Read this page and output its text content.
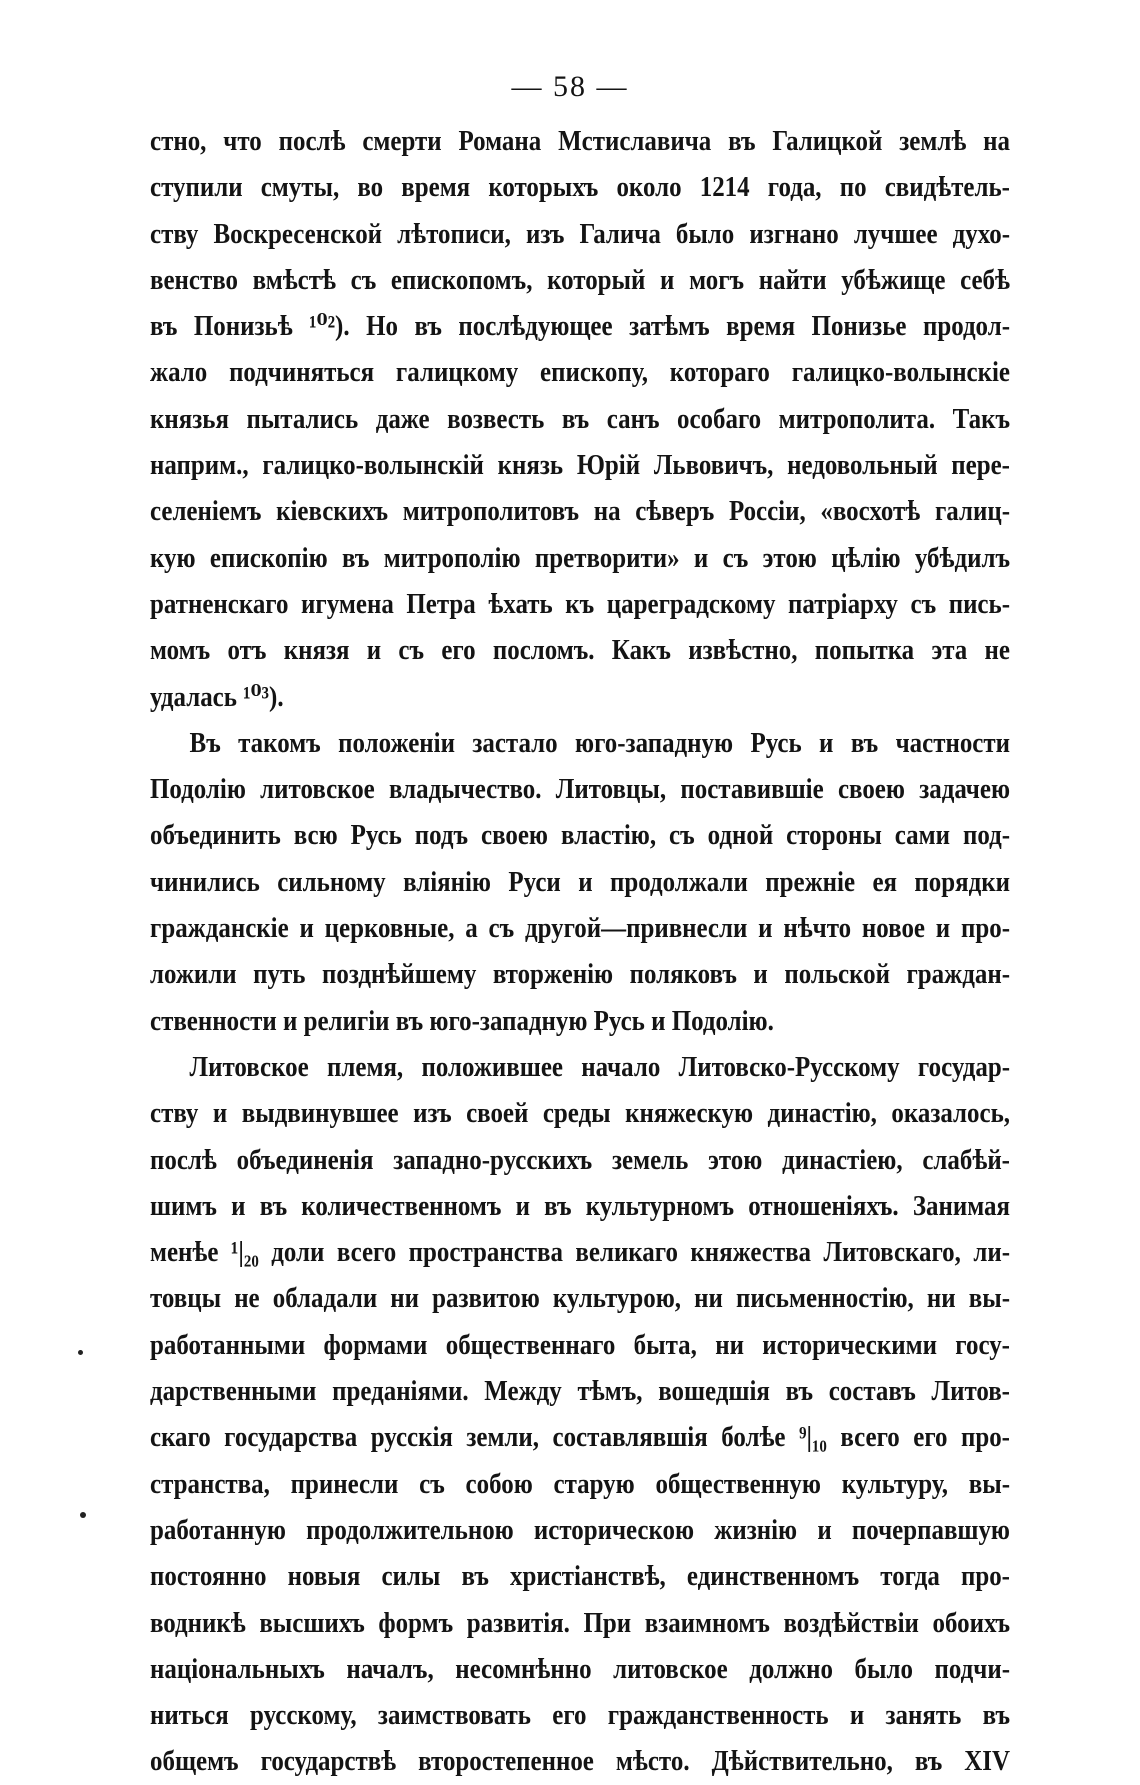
— 58 —
стно, что послѣ смерти Романа Мстиславича въ Галицкой землѣ на
ступили смуты, во время которыхъ около 1214 года, по свидѣтель-
ству Воскресенской лѣтописи, изъ Галича было изгнано лучшее духо-
венство вмѣстѣ съ епископомъ, который и могъ найти убѣжище себѣ
въ Понизьѣ ¹⁰²). Но въ послѣдующее затѣмъ время Понизье продол-
жало подчиняться галицкому епископу, котораго галицко-волынскіе
князья пытались даже возвесть въ санъ особаго митрополита. Такъ
наприм., галицко-волынскій князь Юрій Львовичъ, недовольный пере-
селеніемъ кіевскихъ митрополитовъ на сѣверъ Россіи, «восхотѣ галиц-
кую епископію въ митрополію претворити» и съ этою цѣлію убѣдилъ
ратненскаго игумена Петра ѣхать къ цареградскому патріарху съ пись-
момъ отъ князя и съ его посломъ. Какъ извѣстно, попытка эта не
удалась ¹⁰³).
Въ такомъ положеніи застало юго-западную Русь и въ частности
Подолію литовское владычество. Литовцы, поставившіе своею задачею
объединить всю Русь подъ своею властію, съ одной стороны сами под-
чинились сильному вліянію Руси и продолжали прежніе ея порядки
гражданскіе и церковные, а съ другой—привнесли и нѣчто новое и про-
ложили путь позднѣйшему вторженію поляковъ и польской граждан-
ственности и религіи въ юго-западную Русь и Подолію.
Литовское племя, положившее начало Литовско-Русскому государ-
ству и выдвинувшее изъ своей среды княжескую династію, оказалось,
послѣ объединенія западно-русскихъ земель этою династіею, слабѣй-
шимъ и въ количественномъ и въ культурномъ отношеніяхъ. Занимая
менѣе ¹|₂₀ доли всего пространства великаго княжества Литовскаго, ли-
товцы не обладали ни развитою культурою, ни письменностію, ни вы-
работанными формами общественнаго быта, ни историческими госу-
дарственными преданіями. Между тѣмъ, вошедшія въ составъ Литов-
скаго государства русскія земли, составлявшія болѣе ⁹|₁₀ всего его про-
странства, принесли съ собою старую общественную культуру, вы-
работанную продолжительною историческою жизнію и почерпавшую
постоянно новыя силы въ христіанствѣ, единственномъ тогда про-
водникѣ высшихъ формъ развитія. При взаимномъ воздѣйствіи обоихъ
національныхъ началъ, несомнѣнно литовское должно было подчи-
ниться русскому, заимствовать его гражданственность и занять въ
общемъ государствѣ второстепенное мѣсто. Дѣйствительно, въ XIV
